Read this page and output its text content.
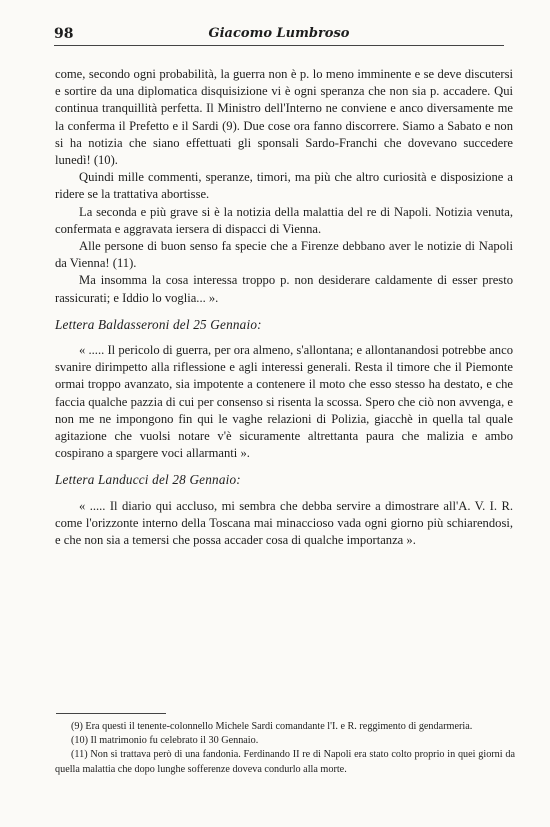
98	Giacomo Lumbroso

come, secondo ogni probabilità, la guerra non è p. lo meno imminente e se deve discutersi e sortire da una diplomatica disquisizione vi è ogni speranza che non sia p. accadere. Qui continua tranquillità perfetta. Il Ministro dell'Interno ne conviene e anco diversamente me la conferma il Prefetto e il Sardi (9). Due cose ora fanno discorrere. Siamo a Sabato e non si ha notizia che siano effettuati gli sponsali Sardo-Franchi che dovevano succedere lunedì! (10).

Quindi mille commenti, speranze, timori, ma più che altro curiosità e disposizione a ridere se la trattativa abortisse.

La seconda e più grave si è la notizia della malattia del re di Napoli. Notizia venuta, confermata e aggravata iersera di dispacci di Vienna.

Alle persone di buon senso fa specie che a Firenze debbano aver le notizie di Napoli da Vienna! (11).

Ma insomma la cosa interessa troppo p. non desiderare caldamente di esser presto rassicurati; e Iddio lo voglia... ».

Lettera Baldasseroni del 25 Gennaio:

« ..... Il pericolo di guerra, per ora almeno, s'allontana; e allontanandosi potrebbe anco svanire dirimpetto alla riflessione e agli interessi generali. Resta il timore che il Piemonte ormai troppo avanzato, sia impotente a contenere il moto che esso stesso ha destato, e che faccia qualche pazzia di cui per consenso si risenta la scossa. Spero che ciò non avvenga, e non me ne impongono fin qui le vaghe relazioni di Polizia, giacchè in quella tal quale agitazione che vuolsi notare v'è sicuramente altrettanta paura che malizia e ambo cospirano a spargere voci allarmanti ».

Lettera Landucci del 28 Gennaio:

« ..... Il diario qui accluso, mi sembra che debba servire a dimostrare all'A. V. I. R. come l'orizzonte interno della Toscana mai minaccioso vada ogni giorno più schiarendosi, e che non sia a temersi che possa accader cosa di qualche importanza ».

(9) Era questi il tenente-colonnello Michele Sardi comandante l'I. e R. reggimento di gendarmeria.

(10) Il matrimonio fu celebrato il 30 Gennaio.

(11) Non si trattava però di una fandonia. Ferdinando II re di Napoli era stato colto proprio in quei giorni da quella malattia che dopo lunghe sofferenze doveva condurlo alla morte.
